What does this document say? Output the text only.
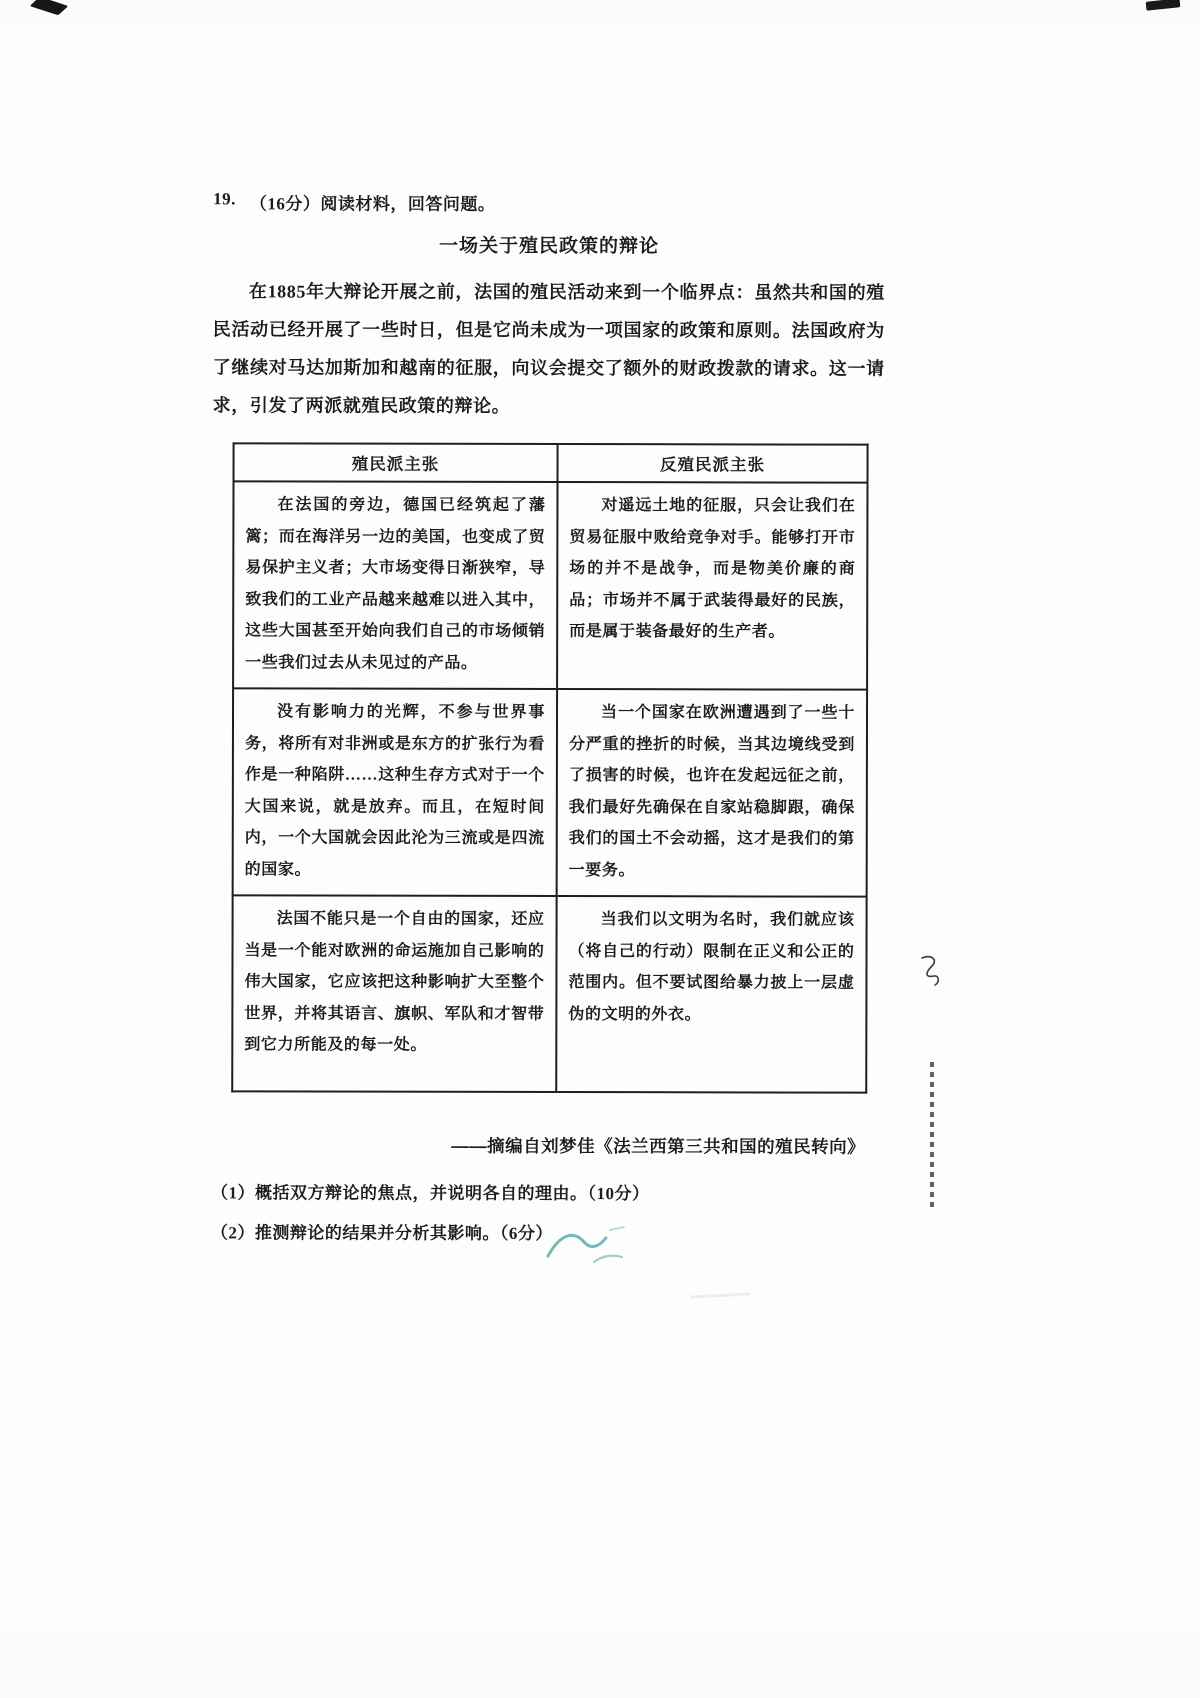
19. （16分）阅读材料，回答问题。
一场关于殖民政策的辩论

在1885年大辩论开展之前，法国的殖民活动来到一个临界点：虽然共和国的殖民活动已经开展了一些时日，但是它尚未成为一项国家的政策和原则。法国政府为了继续对马达加斯加和越南的征服，向议会提交了额外的财政拨款的请求。这一请求，引发了两派就殖民政策的辩论。

殖民派主张	反殖民派主张
在法国的旁边，德国已经筑起了藩篱；而在海洋另一边的美国，也变成了贸易保护主义者；大市场变得日渐狭窄，导致我们的工业产品越来越难以进入其中，这些大国甚至开始向我们自己的市场倾销一些我们过去从未见过的产品。	对遥远土地的征服，只会让我们在贸易征服中败给竞争对手。能够打开市场的并不是战争，而是物美价廉的商品；市场并不属于武装得最好的民族，而是属于装备最好的生产者。
没有影响力的光辉，不参与世界事务，将所有对非洲或是东方的扩张行为看作是一种陷阱……这种生存方式对于一个大国来说，就是放弃。而且，在短时间内，一个大国就会因此沦为三流或是四流的国家。	当一个国家在欧洲遭遇到了一些十分严重的挫折的时候，当其边境线受到了损害的时候，也许在发起远征之前，我们最好先确保在自家站稳脚跟，确保我们的国土不会动摇，这才是我们的第一要务。
法国不能只是一个自由的国家，还应当是一个能对欧洲的命运施加自己影响的伟大国家，它应该把这种影响扩大至整个世界，并将其语言、旗帜、军队和才智带到它力所能及的每一处。	当我们以文明为名时，我们就应该（将自己的行动）限制在正义和公正的范围内。但不要试图给暴力披上一层虚伪的文明的外衣。
——摘编自刘梦佳《法兰西第三共和国的殖民转向》
（1）概括双方辩论的焦点，并说明各自的理由。（10分）
（2）推测辩论的结果并分析其影响。（6分）
